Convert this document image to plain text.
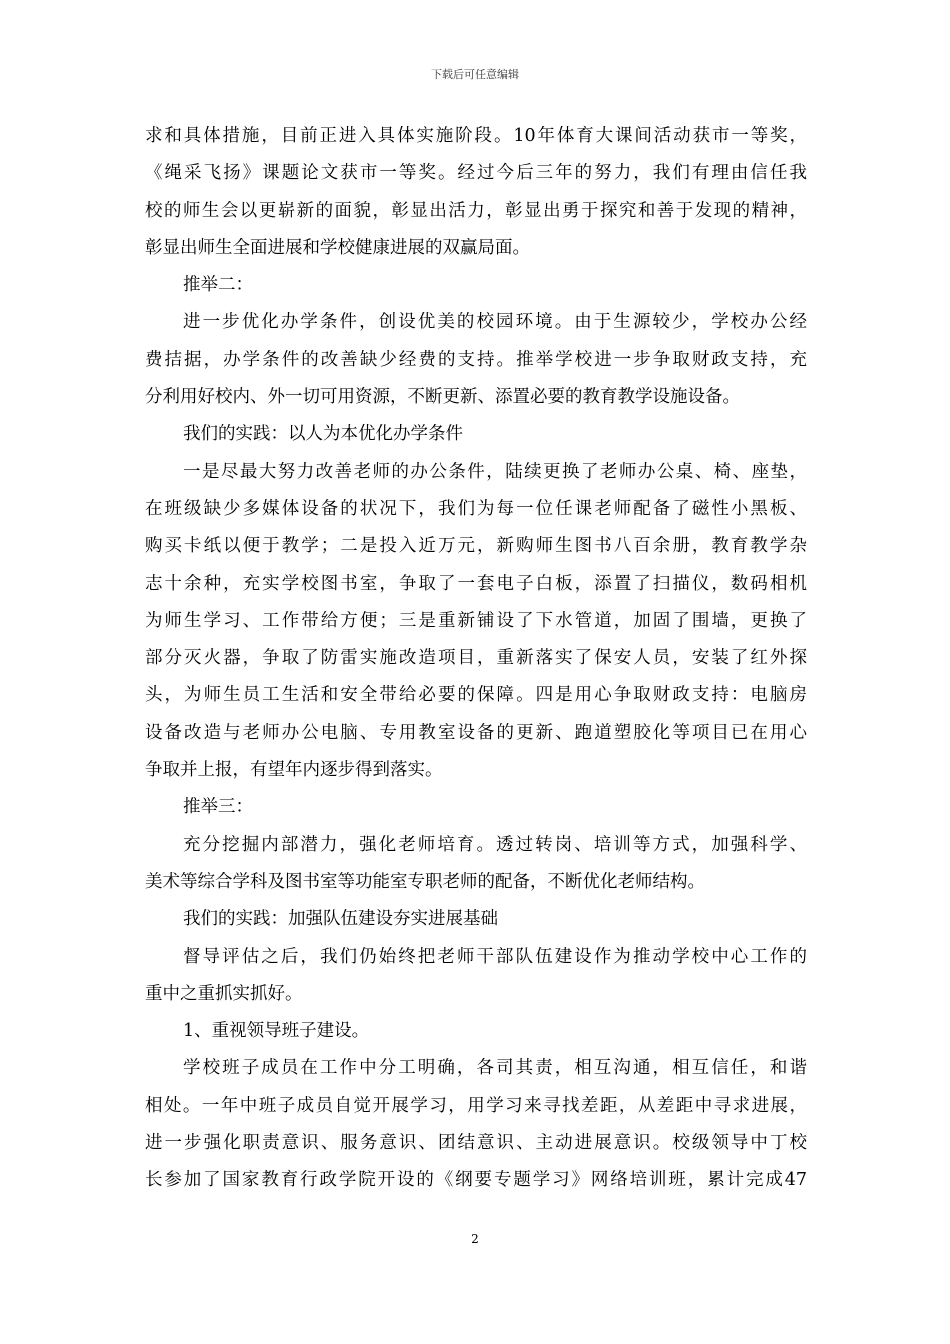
下载后可任意编辑
求和具体措施，目前正进入具体实施阶段。10年体育大课间活动获市一等奖，
《绳采飞扬》课题论文获市一等奖。经过今后三年的努力，我们有理由信任我
校的师生会以更崭新的面貌，彰显出活力，彰显出勇于探究和善于发现的精神，
彰显出师生全面进展和学校健康进展的双赢局面。
推举二：
进一步优化办学条件，创设优美的校园环境。由于生源较少，学校办公经
费拮据，办学条件的改善缺少经费的支持。推举学校进一步争取财政支持，充
分利用好校内、外一切可用资源，不断更新、添置必要的教育教学设施设备。
我们的实践：以人为本优化办学条件
一是尽最大努力改善老师的办公条件，陆续更换了老师办公桌、椅、座垫，
在班级缺少多媒体设备的状况下，我们为每一位任课老师配备了磁性小黑板、
购买卡纸以便于教学；二是投入近万元，新购师生图书八百余册，教育教学杂
志十余种，充实学校图书室，争取了一套电子白板，添置了扫描仪，数码相机
为师生学习、工作带给方便；三是重新铺设了下水管道，加固了围墙，更换了
部分灭火器，争取了防雷实施改造项目，重新落实了保安人员，安装了红外探
头，为师生员工生活和安全带给必要的保障。四是用心争取财政支持：电脑房
设备改造与老师办公电脑、专用教室设备的更新、跑道塑胶化等项目已在用心
争取并上报，有望年内逐步得到落实。
推举三：
充分挖掘内部潜力，强化老师培育。透过转岗、培训等方式，加强科学、
美术等综合学科及图书室等功能室专职老师的配备，不断优化老师结构。
我们的实践：加强队伍建设夯实进展基础
督导评估之后，我们仍始终把老师干部队伍建设作为推动学校中心工作的
重中之重抓实抓好。
1、重视领导班子建设。
学校班子成员在工作中分工明确，各司其责，相互沟通，相互信任，和谐
相处。一年中班子成员自觉开展学习，用学习来寻找差距，从差距中寻求进展，
进一步强化职责意识、服务意识、团结意识、主动进展意识。校级领导中丁校
长参加了国家教育行政学院开设的《纲要专题学习》网络培训班，累计完成47
2
